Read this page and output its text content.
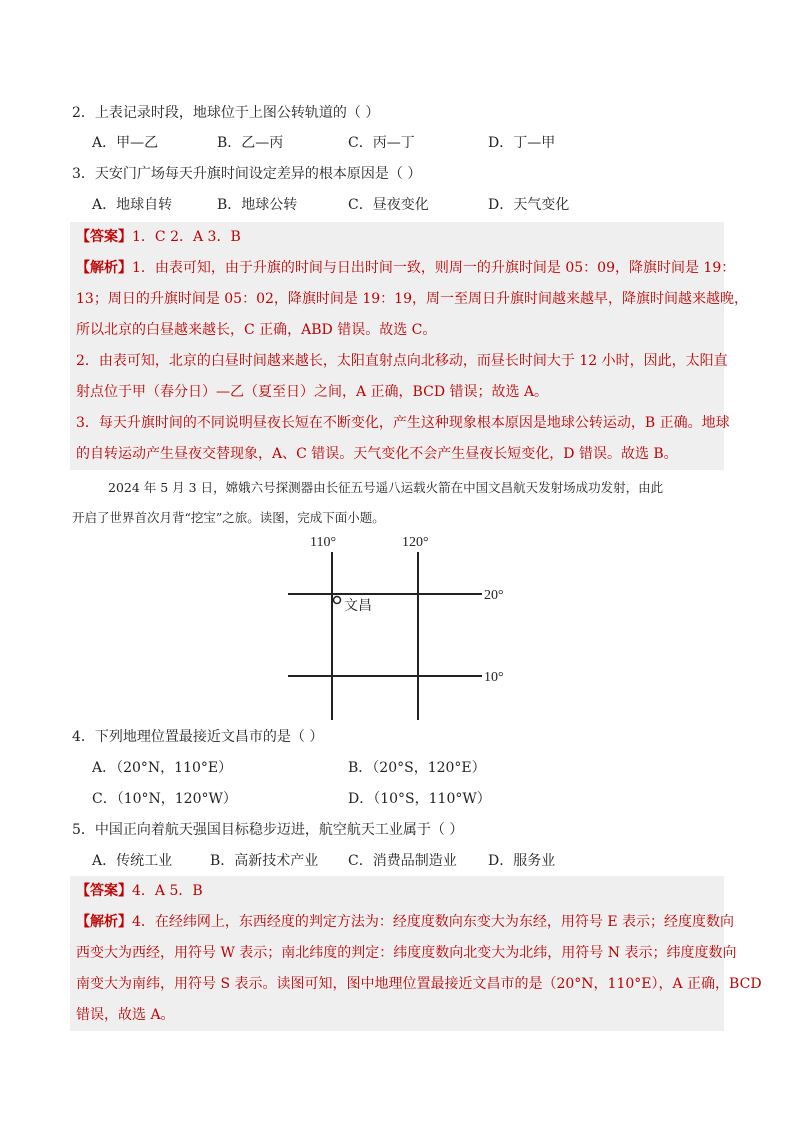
2．上表记录时段，地球位于上图公转轨道的（ ）
A．甲—乙	B．乙—丙	C．丙—丁	D．丁—甲
3．天安门广场每天升旗时间设定差异的根本原因是（ ）
A．地球自转	B．地球公转	C．昼夜变化	D．天气变化
【答案】1．C 2．A 3．B
【解析】1．由表可知，由于升旗的时间与日出时间一致，则周一的升旗时间是 05：09，降旗时间是 19：
13；周日的升旗时间是 05：02，降旗时间是 19：19，周一至周日升旗时间越来越早，降旗时间越来越晚，
所以北京的白昼越来越长，C 正确，ABD 错误。故选 C。
2．由表可知，北京的白昼时间越来越长，太阳直射点向北移动，而昼长时间大于 12 小时，因此，太阳直
射点位于甲（春分日）—乙（夏至日）之间，A 正确，BCD 错误；故选 A。
3．每天升旗时间的不同说明昼夜长短在不断变化，产生这种现象根本原因是地球公转运动，B 正确。地球
的自转运动产生昼夜交替现象，A、C 错误。天气变化不会产生昼夜长短变化，D 错误。故选 B。
2024 年 5 月 3 日，嫦娥六号探测器由长征五号遥八运载火箭在中国文昌航天发射场成功发射，由此
开启了世界首次月背“挖宝”之旅。读图，完成下面小题。
110°	120°
20°
10°
文昌
4．下列地理位置最接近文昌市的是（ ）
A．（20°N，110°E）	B．（20°S，120°E）
C．（10°N，120°W）	D．（10°S，110°W）
5．中国正向着航天强国目标稳步迈进，航空航天工业属于（ ）
A．传统工业	B．高新技术产业 C．消费品制造业 D．服务业
【答案】4．A 5．B
【解析】4．在经纬网上，东西经度的判定方法为：经度度数向东变大为东经，用符号 E 表示；经度度数向
西变大为西经，用符号 W 表示；南北纬度的判定：纬度度数向北变大为北纬，用符号 N 表示；纬度度数向
南变大为南纬，用符号 S 表示。读图可知，图中地理位置最接近文昌市的是（20°N，110°E），A 正确，BCD
错误，故选 A。
